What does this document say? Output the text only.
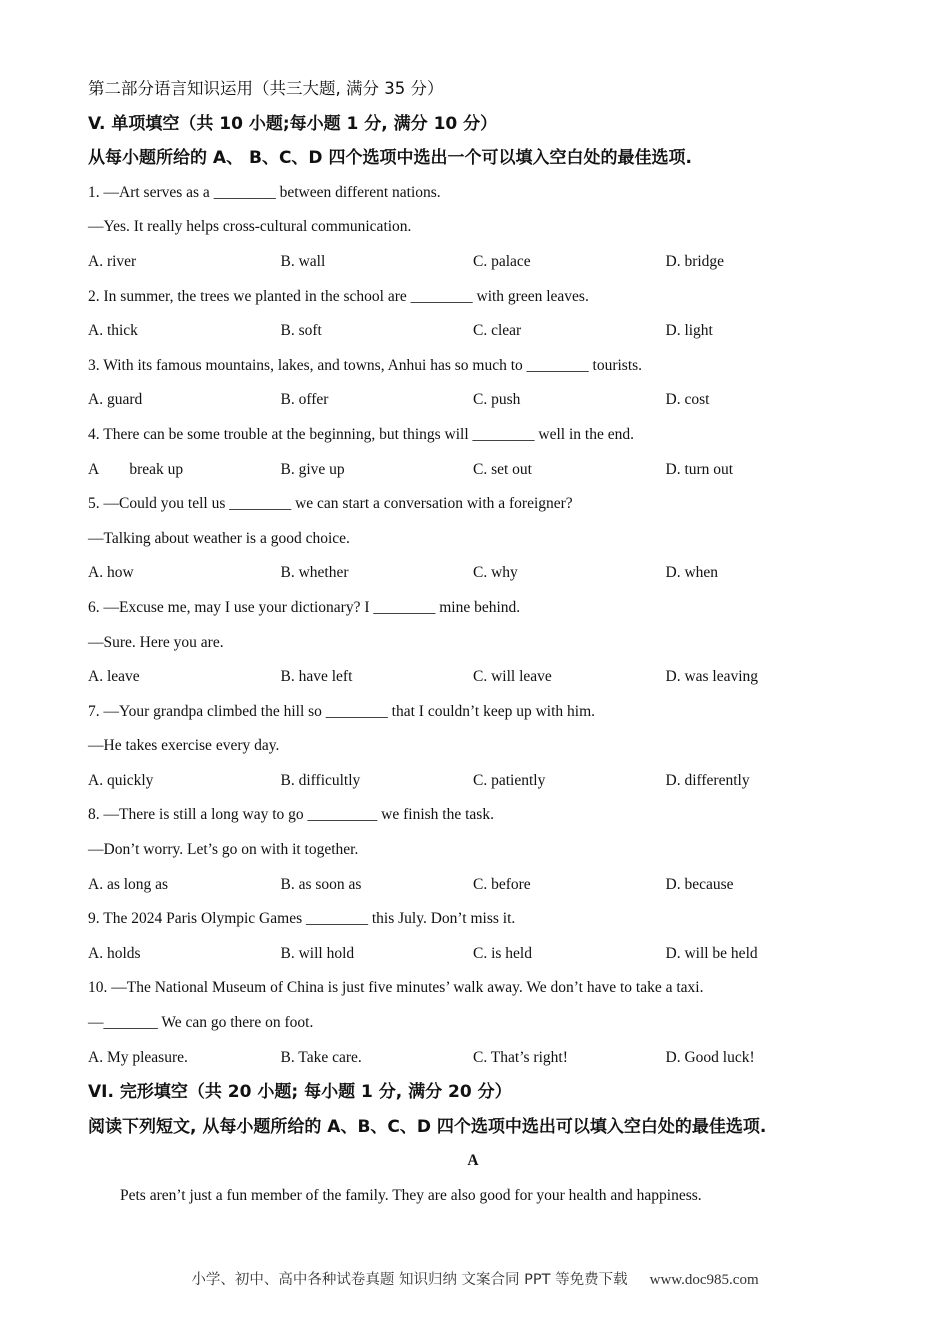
第二部分语言知识运用（共三大题, 满分 35 分）
V. 单项填空（共 10 小题;每小题 1 分, 满分 10 分）
从每小题所给的 A、 B、C、D 四个选项中选出一个可以填入空白处的最佳选项.
1. —Art serves as a ________ between different nations.
—Yes. It really helps cross-cultural communication.
A. river	B. wall	C. palace	D. bridge
2. In summer, the trees we planted in the school are ________ with green leaves.
A. thick	B. soft	C. clear	D. light
3. With its famous mountains, lakes, and towns, Anhui has so much to ________ tourists.
A. guard	B. offer	C. push	D. cost
4. There can be some trouble at the beginning, but things will ________ well in the end.
A        break up	B. give up	C. set out	D. turn out
5. —Could you tell us ________ we can start a conversation with a foreigner?
—Talking about weather is a good choice.
A. how	B. whether	C. why	D. when
6. —Excuse me, may I use your dictionary? I ________ mine behind.
—Sure. Here you are.
A. leave	B. have left	C. will leave	D. was leaving
7. —Your grandpa climbed the hill so ________ that I couldn’t keep up with him.
—He takes exercise every day.
A. quickly	B. difficultly	C. patiently	D. differently
8. —There is still a long way to go _________ we finish the task.
—Don’t worry. Let’s go on with it together.
A. as long as	B. as soon as	C. before	D. because
9. The 2024 Paris Olympic Games ________ this July. Don’t miss it.
A. holds	B. will hold	C. is held	D. will be held
10. —The National Museum of China is just five minutes’ walk away. We don’t have to take a taxi.
—_______ We can go there on foot.
A. My pleasure.	B. Take care.	C. That’s right!	D. Good luck!
VI. 完形填空（共 20 小题; 每小题 1 分, 满分 20 分）
阅读下列短文, 从每小题所给的 A、B、C、D 四个选项中选出可以填入空白处的最佳选项.
A
Pets aren’t just a fun member of the family. They are also good for your health and happiness.
小学、初中、高中各种试卷真题 知识归纳 文案合同 PPT 等免费下载 www.doc985.com
